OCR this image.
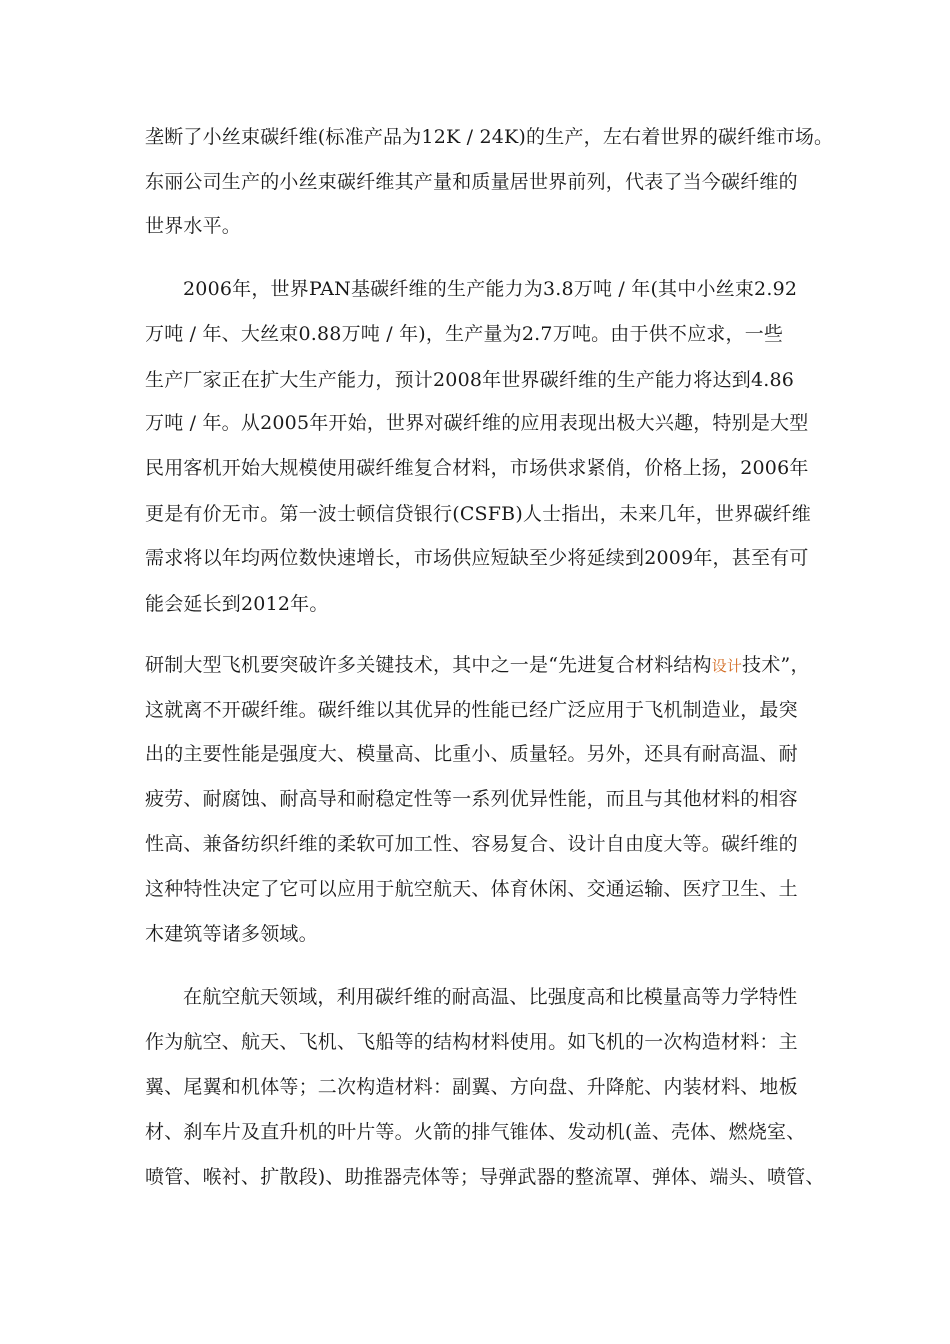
垄断了小丝束碳纤维(标准产品为12K / 24K)的生产，左右着世界的碳纤维市场。
东丽公司生产的小丝束碳纤维其产量和质量居世界前列，代表了当今碳纤维的
世界水平。
2006年，世界PAN基碳纤维的生产能力为3.8万吨 / 年(其中小丝束2.92
万吨 / 年、大丝束0.88万吨 / 年)，生产量为2.7万吨。由于供不应求，一些
生产厂家正在扩大生产能力，预计2008年世界碳纤维的生产能力将达到4.86
万吨 / 年。从2005年开始，世界对碳纤维的应用表现出极大兴趣，特别是大型
民用客机开始大规模使用碳纤维复合材料，市场供求紧俏，价格上扬，2006年
更是有价无市。第一波士顿信贷银行(CSFB)人士指出，未来几年，世界碳纤维
需求将以年均两位数快速增长，市场供应短缺至少将延续到2009年，甚至有可
能会延长到2012年。
研制大型飞机要突破许多关键技术，其中之一是“先进复合材料结构设计技术”，
这就离不开碳纤维。碳纤维以其优异的性能已经广泛应用于飞机制造业，最突
出的主要性能是强度大、模量高、比重小、质量轻。另外，还具有耐高温、耐
疲劳、耐腐蚀、耐高导和耐稳定性等一系列优异性能，而且与其他材料的相容
性高、兼备纺织纤维的柔软可加工性、容易复合、设计自由度大等。碳纤维的
这种特性决定了它可以应用于航空航天、体育休闲、交通运输、医疗卫生、土
木建筑等诸多领域。
在航空航天领域，利用碳纤维的耐高温、比强度高和比模量高等力学特性
作为航空、航天、飞机、飞船等的结构材料使用。如飞机的一次构造材料：主
翼、尾翼和机体等；二次构造材料：副翼、方向盘、升降舵、内装材料、地板
材、刹车片及直升机的叶片等。火箭的排气锥体、发动机(盖、壳体、燃烧室、
喷管、喉衬、扩散段)、助推器壳体等；导弹武器的整流罩、弹体、端头、喷管、
